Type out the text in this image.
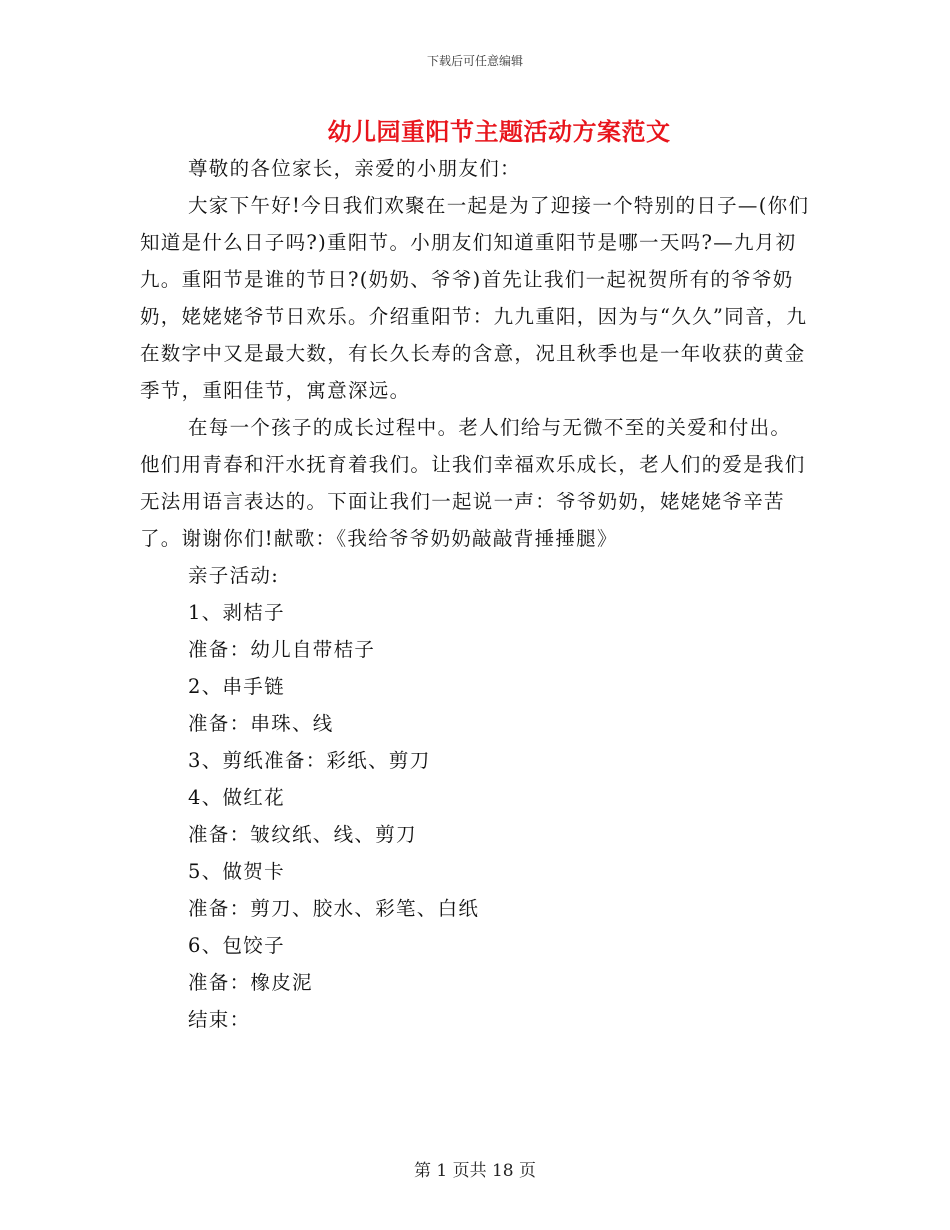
下载后可任意编辑
幼儿园重阳节主题活动方案范文

尊敬的各位家长，亲爱的小朋友们：

大家下午好!今日我们欢聚在一起是为了迎接一个特别的日子—(你们知道是什么日子吗?)重阳节。小朋友们知道重阳节是哪一天吗?—九月初九。重阳节是谁的节日?(奶奶、爷爷)首先让我们一起祝贺所有的爷爷奶奶，姥姥姥爷节日欢乐。介绍重阳节：九九重阳，因为与“久久”同音，九在数字中又是最大数，有长久长寿的含意，况且秋季也是一年收获的黄金季节，重阳佳节，寓意深远。

在每一个孩子的成长过程中。老人们给与无微不至的关爱和付出。他们用青春和汗水抚育着我们。让我们幸福欢乐成长，老人们的爱是我们无法用语言表达的。下面让我们一起说一声：爷爷奶奶，姥姥姥爷辛苦了。谢谢你们!献歌：《我给爷爷奶奶敲敲背捶捶腿》

亲子活动:

1、剥桔子

准备：幼儿自带桔子

2、串手链

准备：串珠、线

3、剪纸准备：彩纸、剪刀

4、做红花

准备：皱纹纸、线、剪刀

5、做贺卡

准备：剪刀、胶水、彩笔、白纸

6、包饺子

准备：橡皮泥

结束：

第 1 页共 18 页
